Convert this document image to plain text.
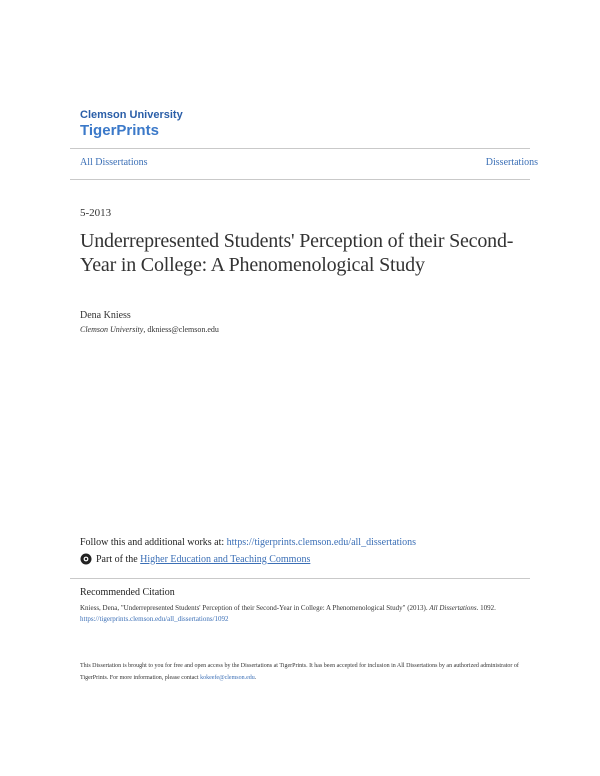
Clemson University
TigerPrints
All Dissertations	Dissertations
5-2013
Underrepresented Students' Perception of their Second-Year in College: A Phenomenological Study
Dena Kniess
Clemson University, dkniess@clemson.edu
Follow this and additional works at: https://tigerprints.clemson.edu/all_dissertations
Part of the
Higher Education and Teaching Commons
Recommended Citation
Kniess, Dena, "Underrepresented Students' Perception of their Second-Year in College: A Phenomenological Study" (2013). All Dissertations. 1092.
https://tigerprints.clemson.edu/all_dissertations/1092
This Dissertation is brought to you for free and open access by the Dissertations at TigerPrints. It has been accepted for inclusion in All Dissertations by an authorized administrator of TigerPrints. For more information, please contact kokeefe@clemson.edu.
